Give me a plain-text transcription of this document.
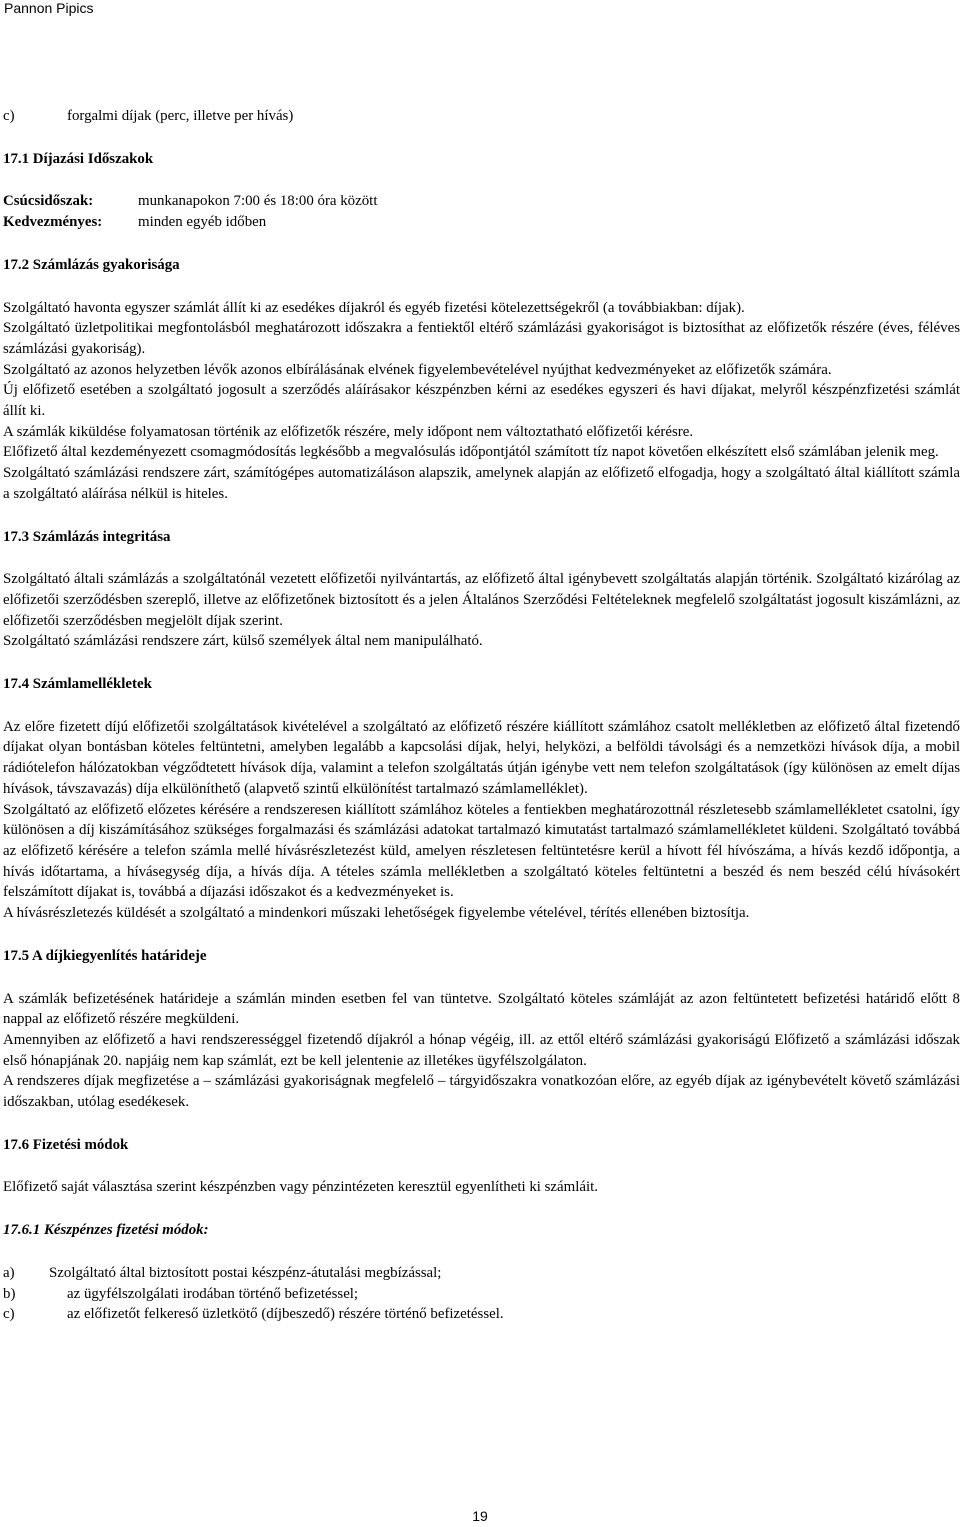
Pannon Pipics
c)	forgalmi díjak (perc, illetve per hívás)

17.1 Díjazási Időszakok

Csúcsidőszak:	munkanapokon 7:00 és 18:00 óra között
Kedvezményes:	minden egyéb időben

17.2 Számlázás gyakorisága

Szolgáltató havonta egyszer számlát állít ki az esedékes díjakról és egyéb fizetési kötelezettségekről (a továbbiakban: díjak).

Szolgáltató üzletpolitikai megfontolásból meghatározott időszakra a fentiektől eltérő számlázási gyakoriságot is biztosíthat az előfizetők részére (éves, féléves számlázási gyakoriság).

Szolgáltató az azonos helyzetben lévők azonos elbírálásának elvének figyelembevételével nyújthat kedvezményeket az előfizetők számára.

Új előfizető esetében a szolgáltató jogosult a szerződés aláírásakor készpénzben kérni az esedékes egyszeri és havi díjakat, melyről készpénzfizetési számlát állít ki.

A számlák kiküldése folyamatosan történik az előfizetők részére, mely időpont nem változtatható előfizetői kérésre.

Előfizető által kezdeményezett csomagmódosítás legkésőbb a megvalósulás időpontjától számított tíz napot követően elkészített első számlában jelenik meg.

Szolgáltató számlázási rendszere zárt, számítógépes automatizáláson alapszik, amelynek alapján az előfizető elfogadja, hogy a szolgáltató által kiállított számla a szolgáltató aláírása nélkül is hiteles.

17.3 Számlázás integritása

Szolgáltató általi számlázás a szolgáltatónál vezetett előfizetői nyilvántartás, az előfizető által igénybevett szolgáltatás alapján történik. Szolgáltató kizárólag az előfizetői szerződésben szereplő, illetve az előfizetőnek biztosított és a jelen Általános Szerződési Feltételeknek megfelelő szolgáltatást jogosult kiszámlázni, az előfizetői szerződésben megjelölt díjak szerint.

Szolgáltató számlázási rendszere zárt, külső személyek által nem manipulálható.

17.4 Számlamellékletek

Az előre fizetett díjú előfizetői szolgáltatások kivételével a szolgáltató az előfizető részére kiállított számlához csatolt mellékletben az előfizető által fizetendő díjakat olyan bontásban köteles feltüntetni, amelyben legalább a kapcsolási díjak, helyi, helyközi, a belföldi távolsági és a nemzetközi hívások díja, a mobil rádiótelefon hálózatokban végződtetett hívások díja, valamint a telefon szolgáltatás útján igénybe vett nem telefon szolgáltatások (így különösen az emelt díjas hívások, távszavazás) díja elkülöníthető (alapvető szintű elkülönítést tartalmazó számlamelléklet).

Szolgáltató az előfizető előzetes kérésére a rendszeresen kiállított számlához köteles a fentiekben meghatározottnál részletesebb számlamellékletet csatolni, így különösen a díj kiszámításához szükséges forgalmazási és számlázási adatokat tartalmazó kimutatást tartalmazó számlamellékletet küldeni. Szolgáltató továbbá az előfizető kérésére a telefon számla mellé hívásrészletezést küld, amelyen részletesen feltüntetésre kerül a hívott fél hívószáma, a hívás kezdő időpontja, a hívás időtartama, a hívásegység díja, a hívás díja. A tételes számla mellékletben a szolgáltató köteles feltüntetni a beszéd és nem beszéd célú hívásokért felszámított díjakat is, továbbá a díjazási időszakot és a kedvezményeket is.

A hívásrészletezés küldését a szolgáltató a mindenkori műszaki lehetőségek figyelembe vételével, térítés ellenében biztosítja.

17.5 A díjkiegyenlítés határideje

A számlák befizetésének határideje a számlán minden esetben fel van tüntetve. Szolgáltató köteles számláját az azon feltüntetett befizetési határidő előtt 8 nappal az előfizető részére megküldeni.

Amennyiben az előfizető a havi rendszerességgel fizetendő díjakról a hónap végéig, ill. az ettől eltérő számlázási gyakoriságú Előfizető a számlázási időszak első hónapjának 20. napjáig nem kap számlát, ezt be kell jelentenie az illetékes ügyfélszolgálaton.

A rendszeres díjak megfizetése a – számlázási gyakoriságnak megfelelő – tárgyidőszakra vonatkozóan előre, az egyéb díjak az igénybevételt követő számlázási időszakban, utólag esedékesek.

17.6 Fizetési módok

Előfizető saját választása szerint készpénzben vagy pénzintézeten keresztül egyenlítheti ki számláit.

17.6.1 Készpénzes fizetési módok:

a)	Szolgáltató által biztosított postai készpénz-átutalási megbízással;
b)	az ügyfélszolgálati irodában történő befizetéssel;
c)	az előfizetőt felkereső üzletkötő (díjbeszedő) részére történő befizetéssel.
19
